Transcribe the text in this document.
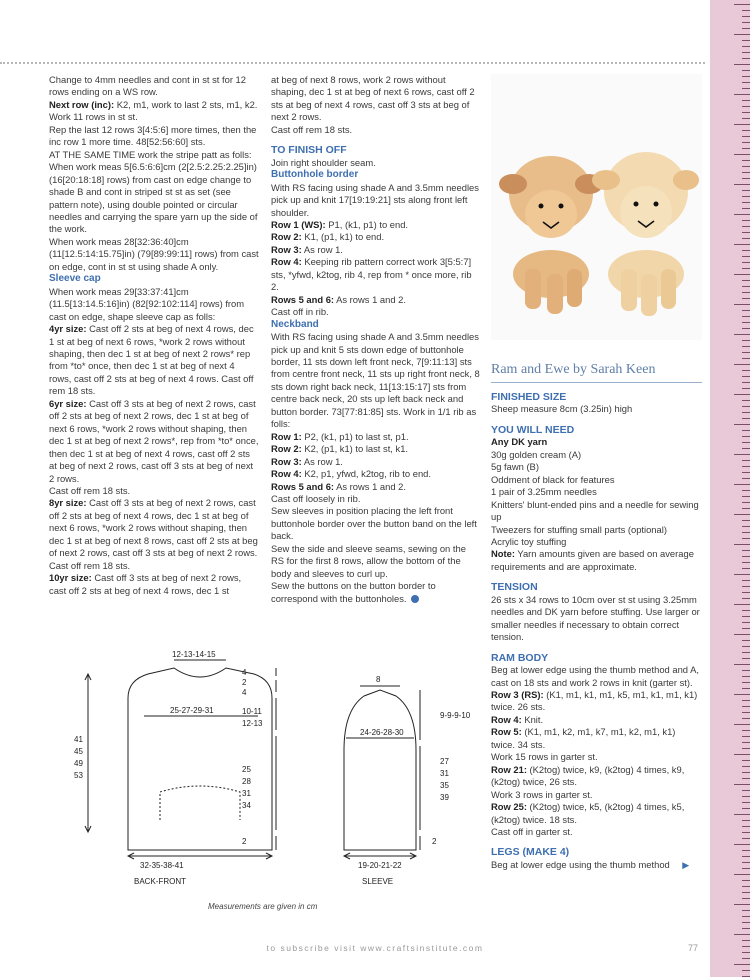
Change to 4mm needles and cont in st st for 12 rows ending on a WS row.

Next row (inc): K2, m1, work to last 2 sts, m1, k2.

Work 11 rows in st st.

Rep the last 12 rows 3[4:5:6] more times, then the inc row 1 more time. 48[52:56:60] sts.

AT THE SAME TIME work the stripe patt as folls:

When work meas 5[6.5:6:6]cm (2[2.5:2.25:2.25]in) (16[20:18:18] rows) from cast on edge change to shade B and cont in striped st st as set (see pattern note), using double pointed or circular needles and carrying the spare yarn up the side of the work.

When work meas 28[32:36:40]cm (11[12.5:14:15.75]in) (79[89:99:11] rows) from cast on edge, cont in st st using shade A only.

Sleeve cap

When work meas 29[33:37:41]cm (11.5[13:14.5:16]in) (82[92:102:114] rows) from cast on edge, shape sleeve cap as folls:

4yr size: Cast off 2 sts at beg of next 4 rows, dec 1 st at beg of next 6 rows, *work 2 rows without shaping, then dec 1 st at beg of next 2 rows* rep from *to* once, then dec 1 st at beg of next 4 rows, cast off 2 sts at beg of next 4 rows. Cast off rem 18 sts.

6yr size: Cast off 3 sts at beg of next 2 rows, cast off 2 sts at beg of next 2 rows, dec 1 st at beg of next 6 rows, *work 2 rows without shaping, then dec 1 st at beg of next 2 rows*, rep from *to* once, then dec 1 st at beg of next 4 rows, cast off 2 sts at beg of next 2 rows, cast off 3 sts at beg of next 2 rows.

Cast off rem 18 sts.

8yr size: Cast off 3 sts at beg of next 2 rows, cast off 2 sts at beg of next 4 rows, dec 1 st at beg of next 6 rows, *work 2 rows without shaping, then dec 1 st at beg of next 8 rows, cast off 2 sts at beg of next 2 rows, cast off 3 sts at beg of next 2 rows.

Cast off rem 18 sts.

10yr size: Cast off 3 sts at beg of next 2 rows, cast off 2 sts at beg of next 4 rows, dec 1 st

at beg of next 8 rows, work 2 rows without shaping, dec 1 st at beg of next 6 rows, cast off 2 sts at beg of next 4 rows, cast off 3 sts at beg of next 2 rows.

Cast off rem 18 sts.

TO FINISH OFF

Join right shoulder seam.

Buttonhole border

With RS facing using shade A and 3.5mm needles pick up and knit 17[19:19:21] sts along front left shoulder.

Row 1 (WS): P1, (k1, p1) to end.

Row 2: K1, (p1, k1) to end.

Row 3: As row 1.

Row 4: Keeping rib pattern correct work 3[5:5:7] sts, *yfwd, k2tog, rib 4, rep from * once more, rib 2.

Rows 5 and 6: As rows 1 and 2.

Cast off in rib.

Neckband

With RS facing using shade A and 3.5mm needles pick up and knit 5 sts down edge of buttonhole border, 11 sts down left front neck, 7[9:11:13] sts from centre front neck, 11 sts up right front neck, 8 sts down right back neck, 11[13:15:17] sts from centre back neck, 20 sts up left back neck and button border. 73[77:81:85] sts. Work in 1/1 rib as folls:

Row 1: P2, (k1, p1) to last st, p1.

Row 2: K2, (p1, k1) to last st, k1.

Row 3: As row 1.

Row 4: K2, p1, yfwd, k2tog, rib to end.

Rows 5 and 6: As rows 1 and 2.

Cast off loosely in rib.

Sew sleeves in position placing the left front buttonhole border over the button band on the left back.

Sew the side and sleeve seams, sewing on the RS for the first 8 rows, allow the bottom of the body and sleeves to curl up.

Sew the buttons on the button border to correspond with the buttonholes.

Ram and Ewe by Sarah Keen

FINISHED SIZE

Sheep measure 8cm (3.25in) high

YOU WILL NEED

Any DK yarn

30g golden cream (A)

5g fawn (B)

Oddment of black for features

1 pair of 3.25mm needles

Knitters' blunt-ended pins and a needle for sewing up

Tweezers for stuffing small parts (optional)

Acrylic toy stuffing

Note: Yarn amounts given are based on average requirements and are approximate.

TENSION

26 sts x 34 rows to 10cm over st st using 3.25mm needles and DK yarn before stuffing. Use larger or smaller needles if necessary to obtain correct tension.

RAM BODY

Beg at lower edge using the thumb method and A, cast on 18 sts and work 2 rows in knit (garter st).

Row 3 (RS): (K1, m1, k1, m1, k5, m1, k1, m1, k1) twice. 26 sts.

Row 4: Knit.

Row 5: (K1, m1, k2, m1, k7, m1, k2, m1, k1) twice. 34 sts.

Work 15 rows in garter st.

Row 21: (K2tog) twice, k9, (k2tog) 4 times, k9, (k2tog) twice, 26 sts.

Work 3 rows in garter st.

Row 25: (K2tog) twice, k5, (k2tog) 4 times, k5, (k2tog) twice. 18 sts.

Cast off in garter st.

LEGS (MAKE 4)

Beg at lower edge using the thumb method ▶

12-13-14-15
25-27-29-31
41
45
49
53
4
2
4
10-11
12-13
25
28
31
34
2
32-35-38-41
BACK-FRONT
8
24-26-28-30
9-9-9-10
27
31
35
39
2
19-20-21-22
SLEEVE
Measurements are given in cm
to subscribe visit www.craftsinstitute.com	77
